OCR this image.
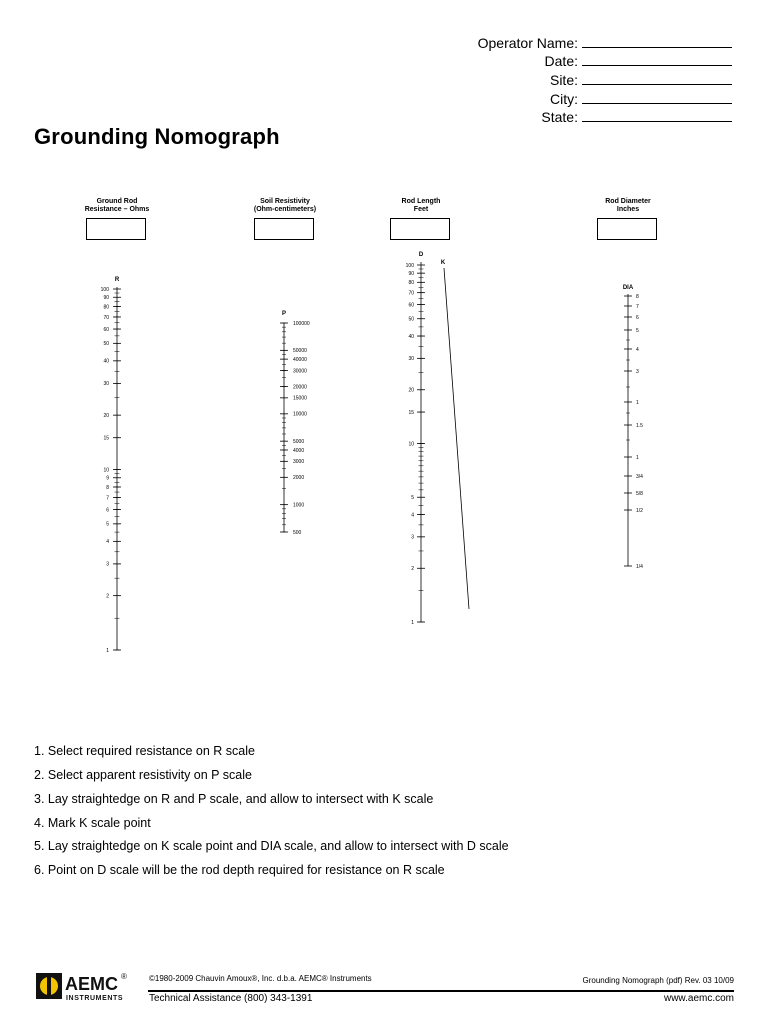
Operator Name:
Date:
Site:
City:
State:
Grounding Nomograph
Ground Rod
Resistance – Ohms
Soil Resistivity
(Ohm-centimeters)
Rod Length
Feet
Rod Diameter
Inches
R
100
90
80
70
60
50
40
30
20
15
10
9
8
7
6
5
4
3
2
1
P
100000
50000
40000
30000
20000
15000
10000
5000
4000
3000
2000
1000
500
D
100
90
80
70
60
50
40
30
20
15
10
5
4
3
2
1
K
DIA
8
7
6
5
4
3
1
1.5
1
3/4
5/8
1/2
1/4
1. Select required resistance on R scale
2. Select apparent resistivity on P scale
3. Lay straightedge on R and P scale, and allow to intersect with K scale
4. Mark K scale point
5. Lay straightedge on K scale point and DIA scale, and allow to intersect with D scale
6. Point on D scale will be the rod depth required for resistance on R scale
AEMC ®
INSTRUMENTS
©1980-2009 Chauvin Amoux®, Inc. d.b.a. AEMC® Instruments	Grounding Nomograph (pdf) Rev. 03 10/09
Technical Assistance (800) 343-1391	www.aemc.com
